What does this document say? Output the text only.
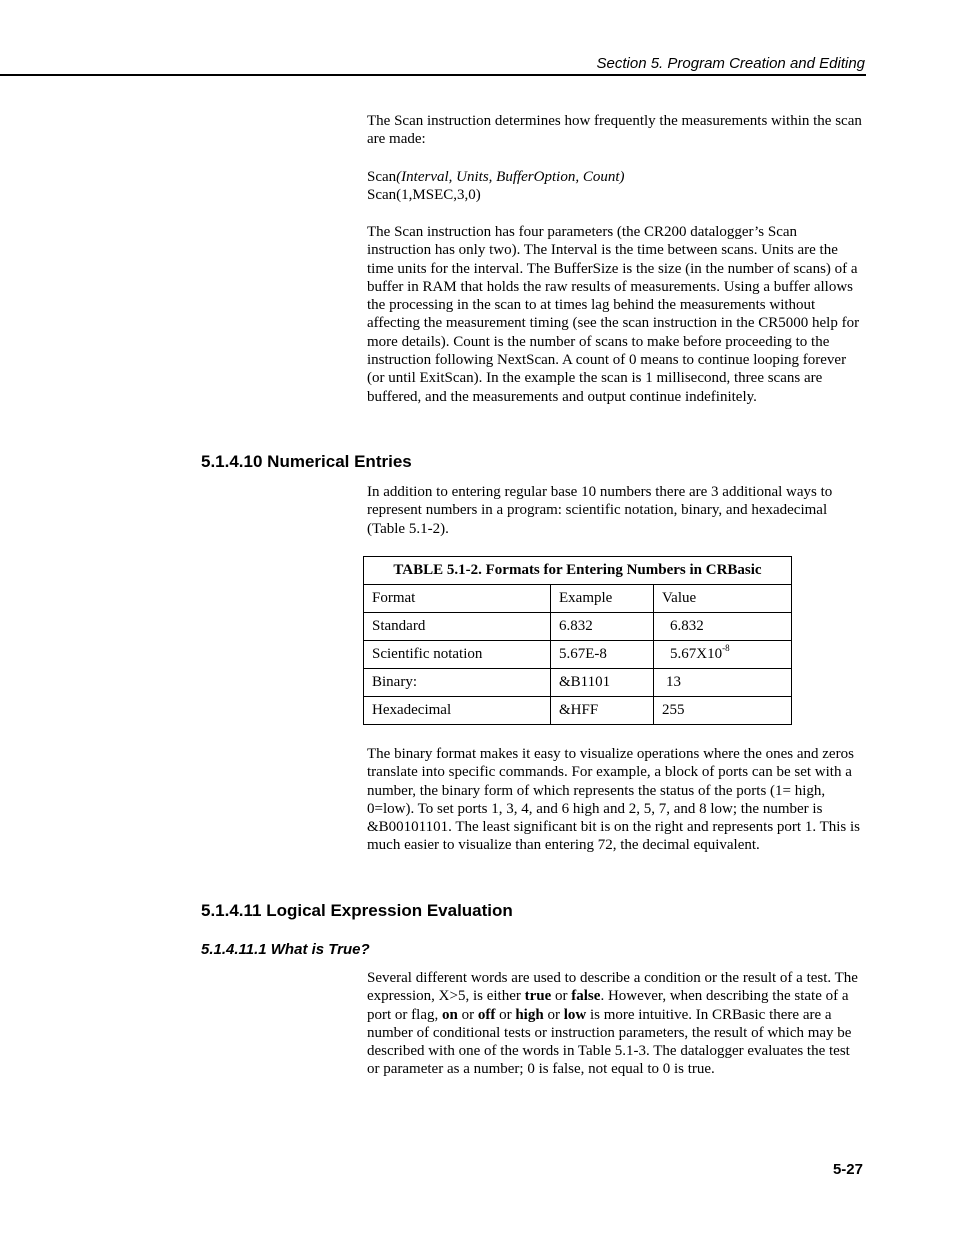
Section 5. Program Creation and Editing

The Scan instruction determines how frequently the measurements within the scan are made:

Scan(Interval, Units, BufferOption, Count)
Scan(1,MSEC,3,0)

The Scan instruction has four parameters (the CR200 datalogger’s Scan instruction has only two). The Interval is the time between scans. Units are the time units for the interval. The BufferSize is the size (in the number of scans) of a buffer in RAM that holds the raw results of measurements. Using a buffer allows the processing in the scan to at times lag behind the measurements without affecting the measurement timing (see the scan instruction in the CR5000 help for more details). Count is the number of scans to make before proceeding to the instruction following NextScan. A count of 0 means to continue looping forever (or until ExitScan). In the example the scan is 1 millisecond, three scans are buffered, and the measurements and output continue indefinitely.

5.1.4.10 Numerical Entries

In addition to entering regular base 10 numbers there are 3 additional ways to represent numbers in a program: scientific notation, binary, and hexadecimal (Table 5.1-2).

TABLE 5.1-2. Formats for Entering Numbers in CRBasic		
Format	Example	Value
Standard	6.832	6.832
Scientific notation	5.67E-8	$5.67X10^{-8}$
Binary:	&B1101	13
Hexadecimal	&HFF	255

The binary format makes it easy to visualize operations where the ones and zeros translate into specific commands. For example, a block of ports can be set with a number, the binary form of which represents the status of the ports (1= high, 0=low). To set ports 1, 3, 4, and 6 high and 2, 5, 7, and 8 low; the number is &B00101101. The least significant bit is on the right and represents port 1. This is much easier to visualize than entering 72, the decimal equivalent.

5.1.4.11 Logical Expression Evaluation
5.1.4.11.1 What is True?

Several different words are used to describe a condition or the result of a test. The expression, X>5, is either true or false. However, when describing the state of a port or flag, on or off or high or low is more intuitive. In CRBasic there are a number of conditional tests or instruction parameters, the result of which may be described with one of the words in Table 5.1-3. The datalogger evaluates the test or parameter as a number; 0 is false, not equal to 0 is true.

5-27
